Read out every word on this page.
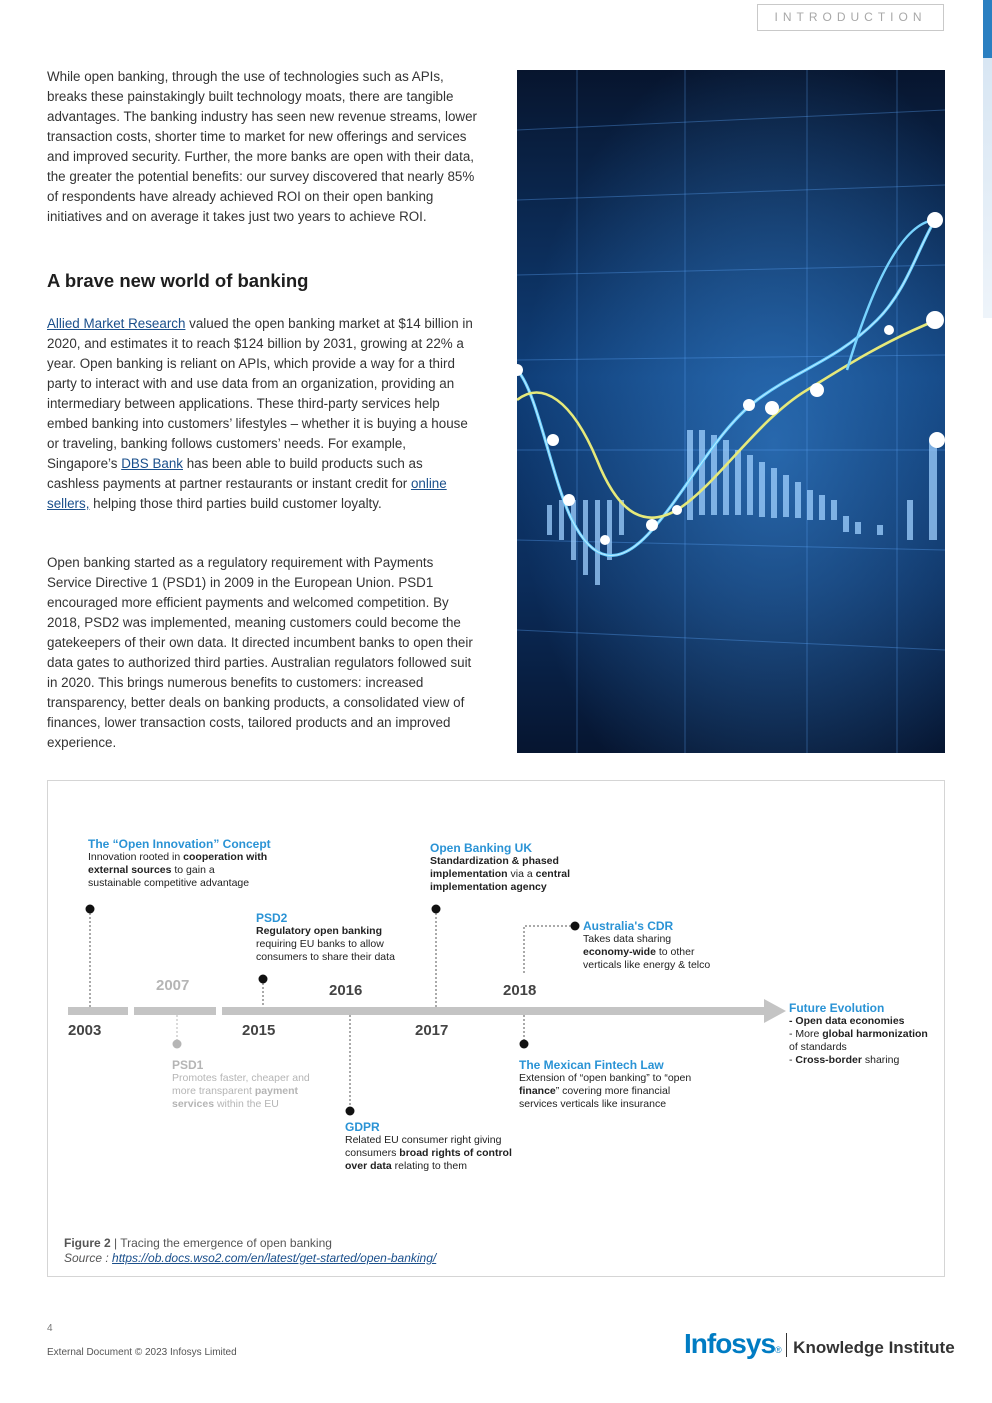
INTRODUCTION

While open banking, through the use of technologies such as APIs, breaks these painstakingly built technology moats, there are tangible advantages. The banking industry has seen new revenue streams, lower transaction costs, shorter time to market for new offerings and services and improved security. Further, the more banks are open with their data, the greater the potential benefits: our survey discovered that nearly 85% of respondents have already achieved ROI on their open banking initiatives and on average it takes just two years to achieve ROI.

A brave new world of banking

Allied Market Research valued the open banking market at $14 billion in 2020, and estimates it to reach $124 billion by 2031, growing at 22% a year. Open banking is reliant on APIs, which provide a way for a third party to interact with and use data from an organization, providing an intermediary between applications. These third-party services help embed banking into customers’ lifestyles – whether it is buying a house or traveling, banking follows customers’ needs. For example, Singapore’s DBS Bank has been able to build products such as cashless payments at partner restaurants or instant credit for online sellers, helping those third parties build customer loyalty.

Open banking started as a regulatory requirement with Payments Service Directive 1 (PSD1) in 2009 in the European Union. PSD1 encouraged more efficient payments and welcomed competition. By 2018, PSD2 was implemented, meaning customers could become the gatekeepers of their own data. It directed incumbent banks to open their data gates to authorized third parties. Australian regulators followed suit in 2020. This brings numerous benefits to customers: increased transparency, better deals on banking products, a consolidated view of finances, lower transaction costs, tailored products and an improved experience.

2003
2007
2015
2016
2017
2018
The “Open Innovation” Concept
Innovation rooted in cooperation with
external sources to gain a
sustainable competitive advantage
PSD2
Regulatory open banking
requiring EU banks to allow
consumers to share their data
Open Banking UK
Standardization & phased
implementation via a central
implementation agency
Australia's CDR
Takes data sharing
economy-wide to other
verticals like energy & telco
Future Evolution
- Open data economies
- More global harmonization
of standards
- Cross-border sharing
PSD1
Promotes faster, cheaper and
more transparent payment
services within the EU
The Mexican Fintech Law
Extension of “open banking” to “open
finance” covering more financial
services verticals like insurance
GDPR
Related EU consumer right giving
consumers broad rights of control
over data relating to them
Figure 2 | Tracing the emergence of open banking
Source : https://ob.docs.wso2.com/en/latest/get-started/open-banking/
4
External Document © 2023 Infosys Limited	Infosys ® Knowledge Institute
